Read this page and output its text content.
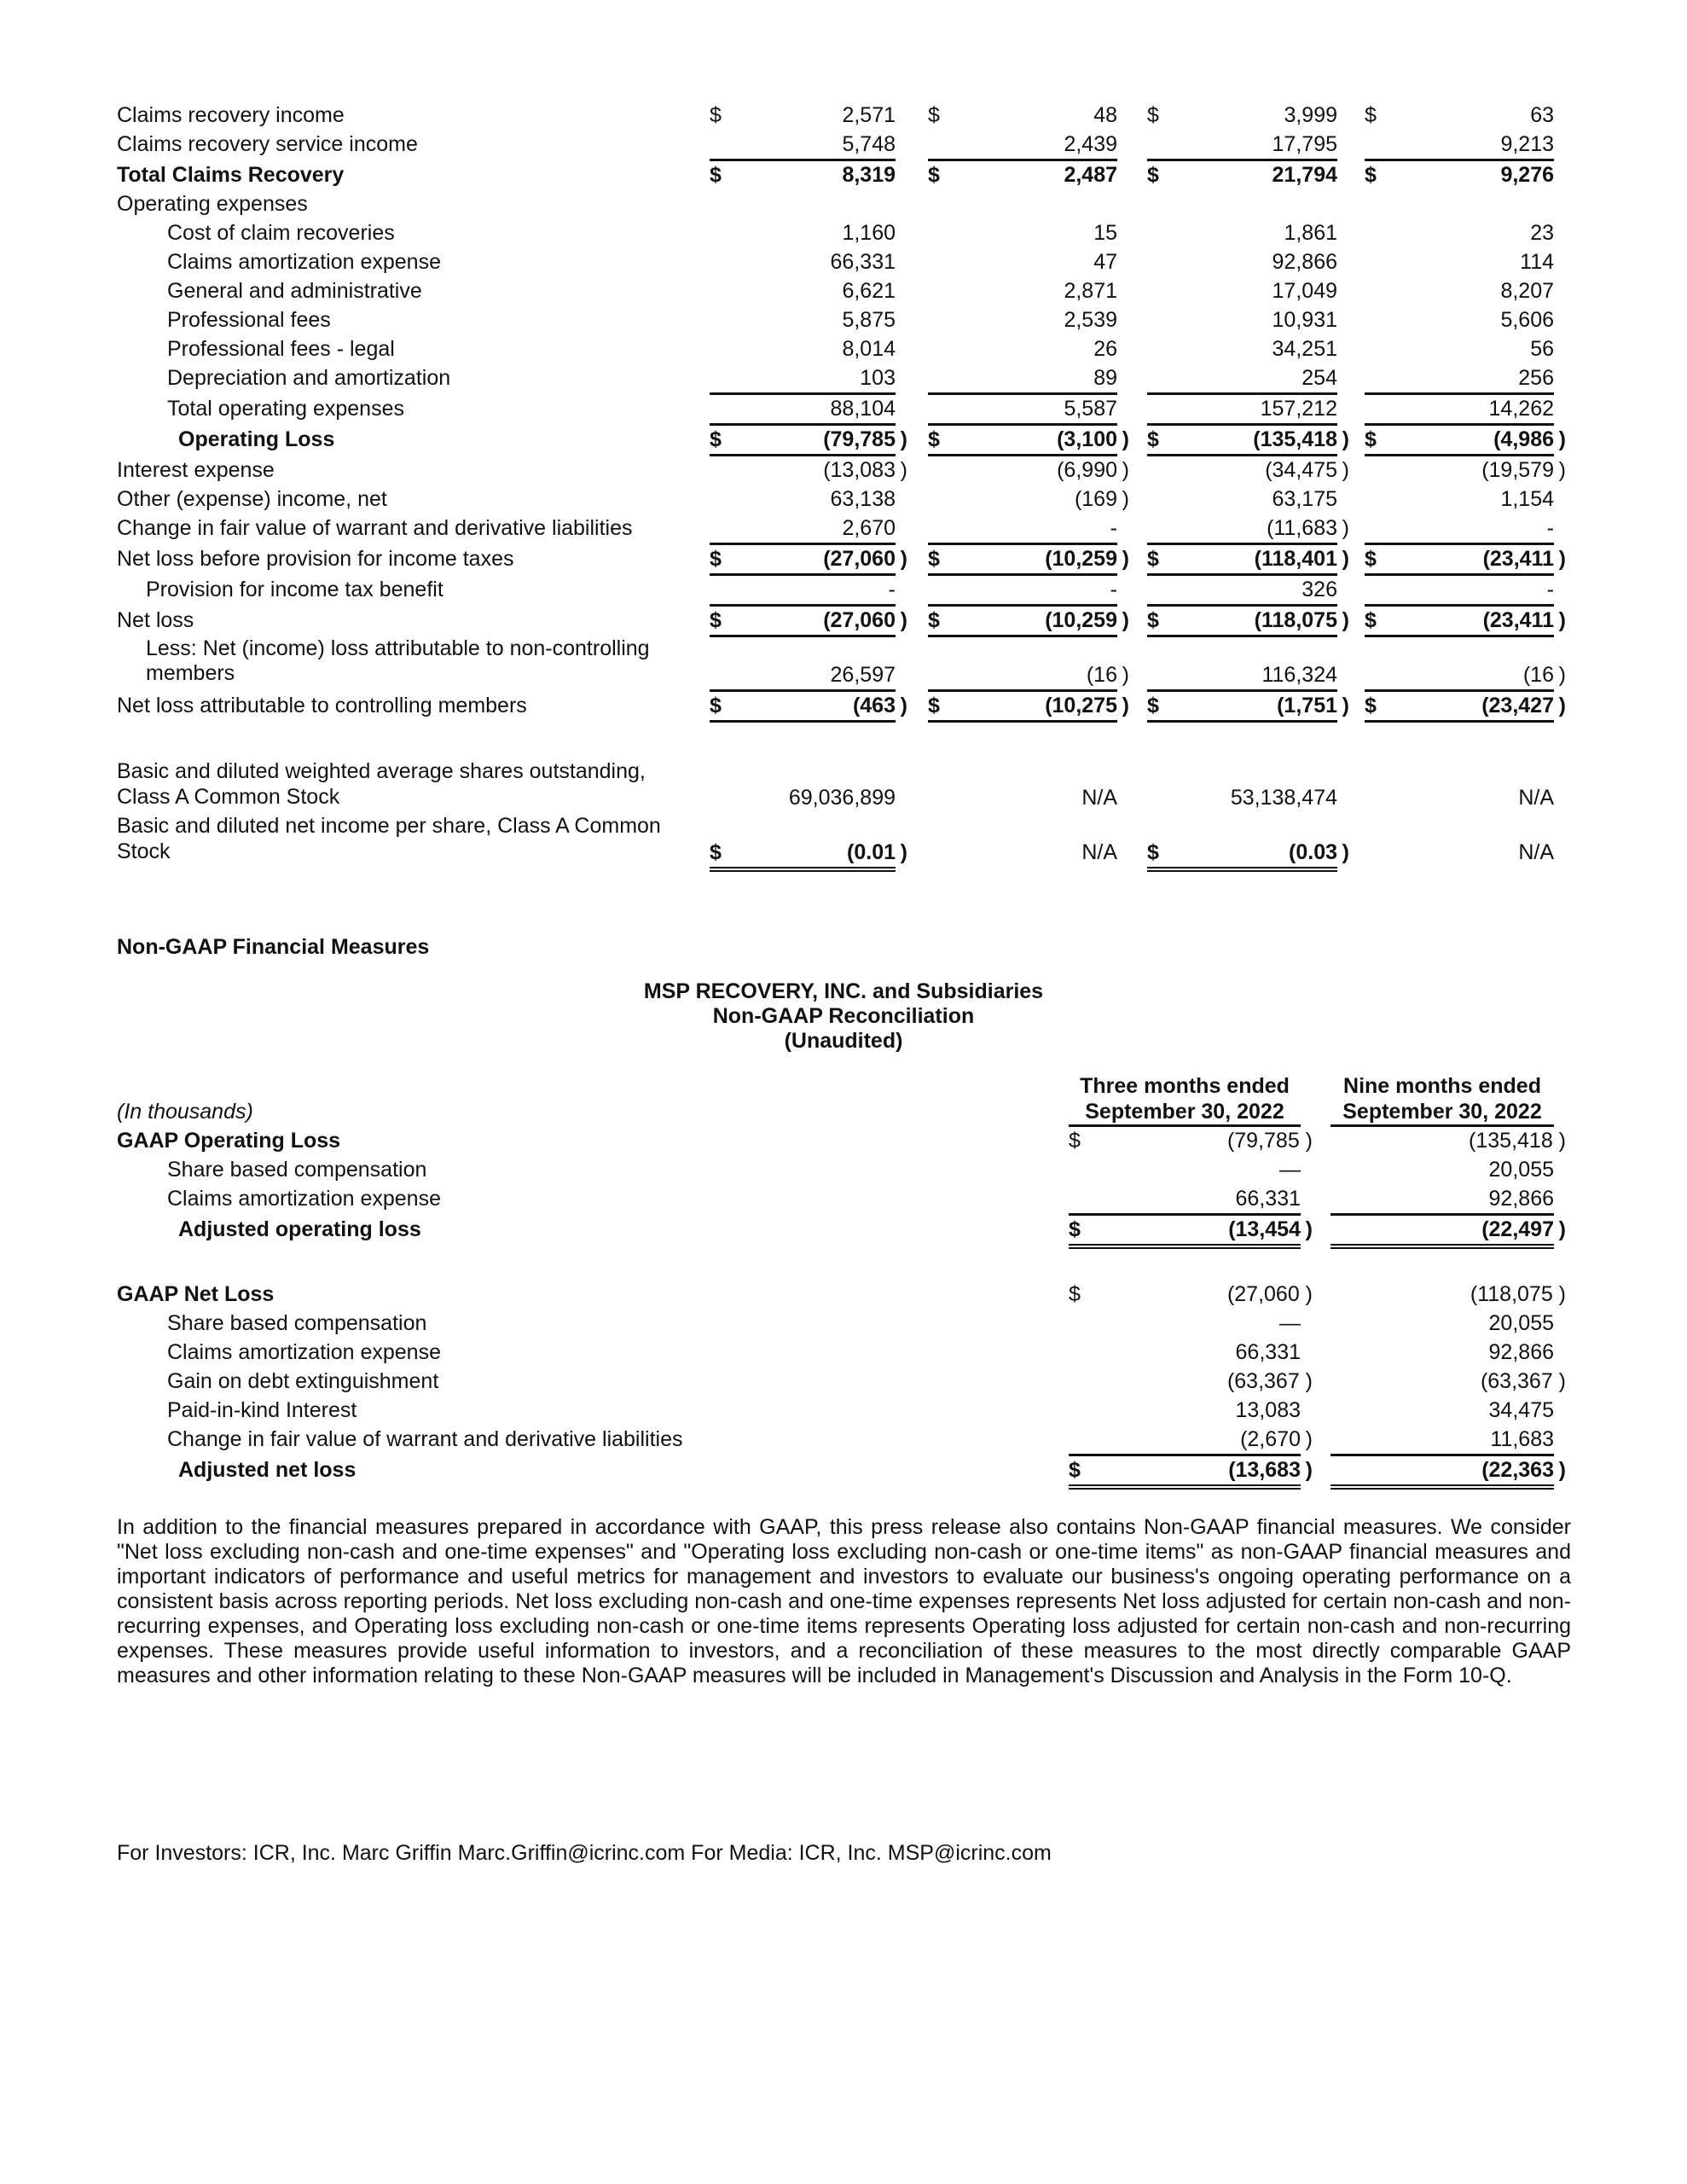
Claims recovery income	$	2,571 $	48 $	3,999 $	63
Claims recovery service income	5,748	2,439	17,795	9,213
Total Claims Recovery	$	8,319 $	2,487 $	21,794 $	9,276
Operating expenses
Cost of claim recoveries	1,160	15	1,861	23
Claims amortization expense	66,331	47	92,866	114
General and administrative	6,621	2,871	17,049	8,207
Professional fees	5,875	2,539	10,931	5,606
Professional fees - legal	8,014	26	34,251	56
Depreciation and amortization	103	89	254	256
Total operating expenses	88,104	5,587	157,212	14,262
Operating Loss	$	(79,785 ) $	(3,100 ) $	(135,418 ) $	(4,986 )
Interest expense	(13,083 )	(6,990 )	(34,475 )	(19,579 )
Other (expense) income, net	63,138	(169 )	63,175	1,154
Change in fair value of warrant and derivative liabilities	2,670	-	(11,683 )	-
Net loss before provision for income taxes	$	(27,060 ) $	(10,259 ) $	(118,401 ) $	(23,411 )
Provision for income tax benefit	-	-	326	-
Net loss	$	(27,060 ) $	(10,259 ) $	(118,075 ) $	(23,411 )
Less: Net (income) loss attributable to non-controlling
members	26,597	(16 )	116,324	(16 )
Net loss attributable to controlling members	$	(463 ) $	(10,275 ) $	(1,751 ) $	(23,427 )
Basic and diluted weighted average shares outstanding,
Class A Common Stock	69,036,899	N/A	53,138,474	N/A
Basic and diluted net income per share, Class A Common
Stock	$	(0.01 )	N/A $	(0.03 )	N/A
Non-GAAP Financial Measures
MSP RECOVERY, INC. and Subsidiaries
Non-GAAP Reconciliation
(Unaudited)
Three months ended
September 30, 2022
Nine months ended
September 30, 2022
(In thousands)
GAAP Operating Loss	$	(79,785 )	(135,418 )
Share based compensation	—	20,055
Claims amortization expense	66,331	92,866
Adjusted operating loss	$	(13,454 )	(22,497 )
GAAP Net Loss	$	(27,060 )	(118,075 )
Share based compensation	—	20,055
Claims amortization expense	66,331	92,866
Gain on debt extinguishment	(63,367 )	(63,367 )
Paid-in-kind Interest	13,083	34,475
Change in fair value of warrant and derivative liabilities	(2,670 )	11,683
Adjusted net loss	$	(13,683 )	(22,363 )

In addition to the financial measures prepared in accordance with GAAP, this press release also contains Non-GAAP financial measures. We consider "Net loss excluding non-cash and one-time expenses" and "Operating loss excluding non-cash or one-time items" as non-GAAP financial measures and important indicators of performance and useful metrics for management and investors to evaluate our business's ongoing operating performance on a consistent basis across reporting periods. Net loss excluding non-cash and one-time expenses represents Net loss adjusted for certain non-cash and non-recurring expenses, and Operating loss excluding non-cash or one-time items represents Operating loss adjusted for certain non-cash and non-recurring expenses. These measures provide useful information to investors, and a reconciliation of these measures to the most directly comparable GAAP measures and other information relating to these Non-GAAP measures will be included in Management's Discussion and Analysis in the Form 10-Q.

For Investors: ICR, Inc. Marc Griffin Marc.Griffin@icrinc.com For Media: ICR, Inc. MSP@icrinc.com
